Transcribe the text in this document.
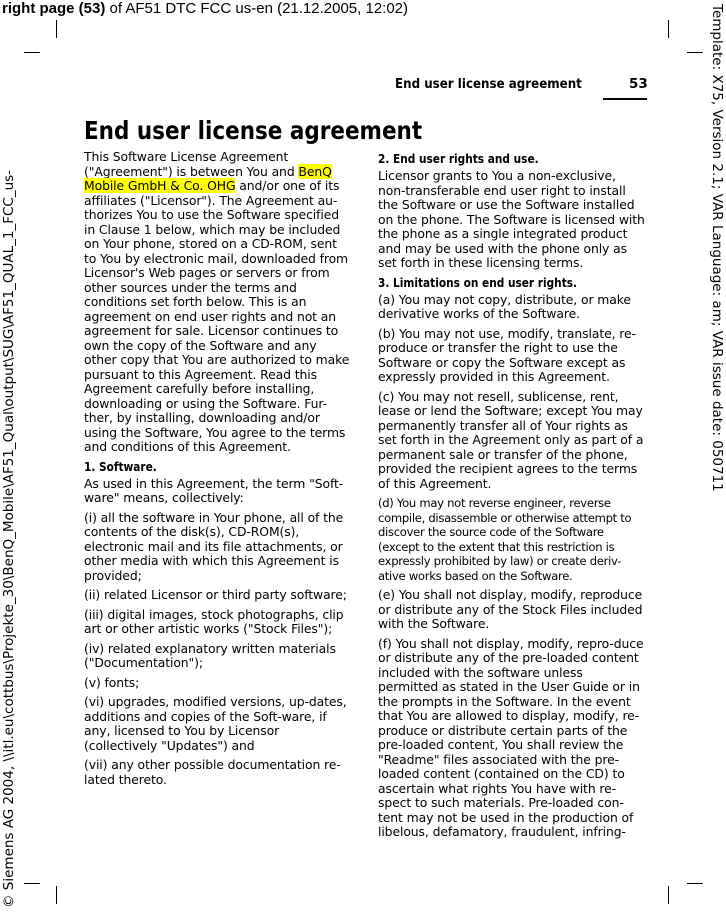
right page (53) of AF51 DTC FCC us-en (21.12.2005, 12:02)
© Siemens AG 2004, \\itl.eu\cottbus\Projekte_30\BenQ_Mobile\AF51_Qual\output\SUG\AF51_QUAL_1_FCC_us-	Template: X75, Version 2.1; VAR Language: am; VAR issue date: 050711
End user license agreement	53
End user license agreement

This Software License Agreement ("Agreement") is between You and BenQ Mobile GmbH & Co. OHG and/or one of its affiliates ("Licensor"). The Agreement au-thorizes You to use the Software specified in Clause 1 below, which may be included on Your phone, stored on a CD-ROM, sent to You by electronic mail, downloaded from Licensor's Web pages or servers or from other sources under the terms and conditions set forth below. This is an agreement on end user rights and not an agreement for sale. Licensor continues to own the copy of the Software and any other copy that You are authorized to make pursuant to this Agreement. Read this Agreement carefully before installing, downloading or using the Software. Fur-ther, by installing, downloading and/or using the Software, You agree to the terms and conditions of this Agreement.

1. Software.

As used in this Agreement, the term "Soft-ware" means, collectively:

(i) all the software in Your phone, all of the contents of the disk(s), CD-ROM(s), electronic mail and its file attachments, or other media with which this Agreement is provided;

(ii) related Licensor or third party software;

(iii) digital images, stock photographs, clip art or other artistic works ("Stock Files");

(iv) related explanatory written materials ("Documentation");

(v) fonts;

(vi) upgrades, modified versions, up-dates, additions and copies of the Soft-ware, if any, licensed to You by Licensor (collectively "Updates") and

(vii) any other possible documentation re-lated thereto.

2. End user rights and use.

Licensor grants to You a non-exclusive, non-transferable end user right to install the Software or use the Software installed on the phone. The Software is licensed with the phone as a single integrated product and may be used with the phone only as set forth in these licensing terms.

3. Limitations on end user rights.

(a) You may not copy, distribute, or make derivative works of the Software.

(b) You may not use, modify, translate, re-produce or transfer the right to use the Software or copy the Software except as expressly provided in this Agreement.

(c) You may not resell, sublicense, rent, lease or lend the Software; except You may permanently transfer all of Your rights as set forth in the Agreement only as part of a permanent sale or transfer of the phone, provided the recipient agrees to the terms of this Agreement.

(d) You may not reverse engineer, reverse compile, disassemble or otherwise attempt to discover the source code of the Software (except to the extent that this restriction is expressly prohibited by law) or create deriv-ative works based on the Software.

(e) You shall not display, modify, reproduce or distribute any of the Stock Files included with the Software.

(f) You shall not display, modify, repro-duce or distribute any of the pre-loaded content included with the software unless permitted as stated in the User Guide or in the prompts in the Software. In the event that You are allowed to display, modify, re-produce or distribute certain parts of the pre-loaded content, You shall review the "Readme" files associated with the pre-loaded content (contained on the CD) to ascertain what rights You have with re-spect to such materials. Pre-loaded con-tent may not be used in the production of libelous, defamatory, fraudulent, infring-
